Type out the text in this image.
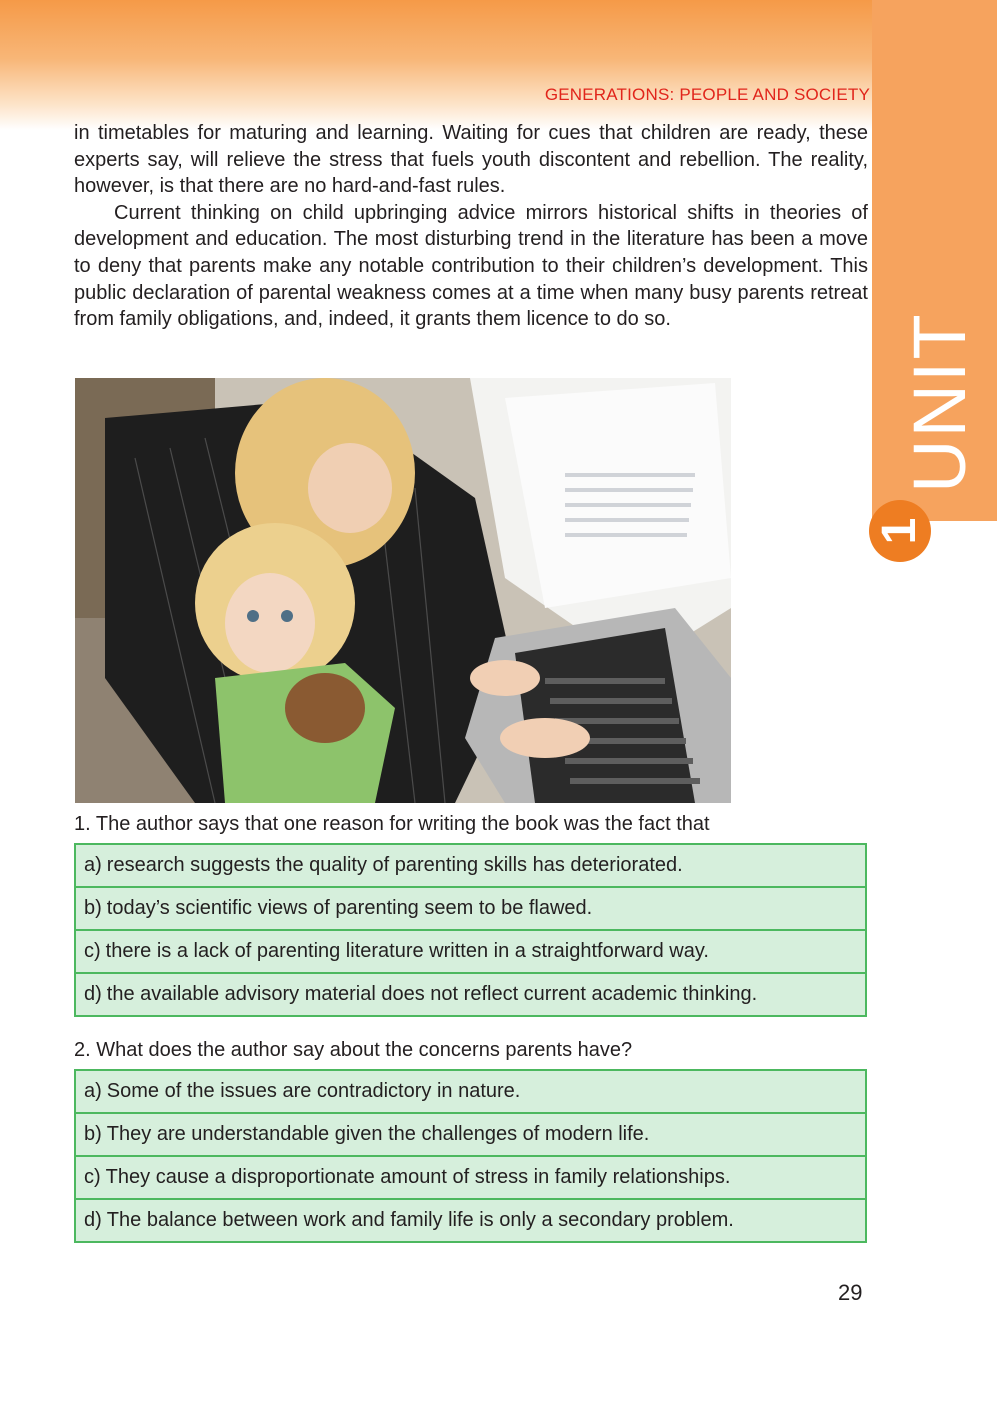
UNIT
1
GENERATIONS: PEOPLE AND SOCIETY

in timetables for maturing and learning. Waiting for cues that children are ready, these experts say, will relieve the stress that fuels youth discontent and rebellion. The reality, however, is that there are no hard-and-fast rules.

Current thinking on child upbringing advice mirrors historical shifts in theories of development and education. The most disturbing trend in the literature has been a move to deny that parents make any notable contribution to their children’s development. This public declaration of parental weakness comes at a time when many busy parents retreat from family obligations, and, indeed, it grants them licence to do so.

1. The author says that one reason for writing the book was the fact that

a) research suggests the quality of parenting skills has deteriorated.
b) today’s scientific views of parenting seem to be flawed.
c) there is a lack of parenting literature written in a straightforward way.
d) the available advisory material does not reflect current academic thinking.

2. What does the author say about the concerns parents have?

a) Some of the issues are contradictory in nature.
b) They are understandable given the challenges of modern life.
c) They cause a disproportionate amount of stress in family relationships.
d) The balance between work and family life is only a secondary problem.
29
